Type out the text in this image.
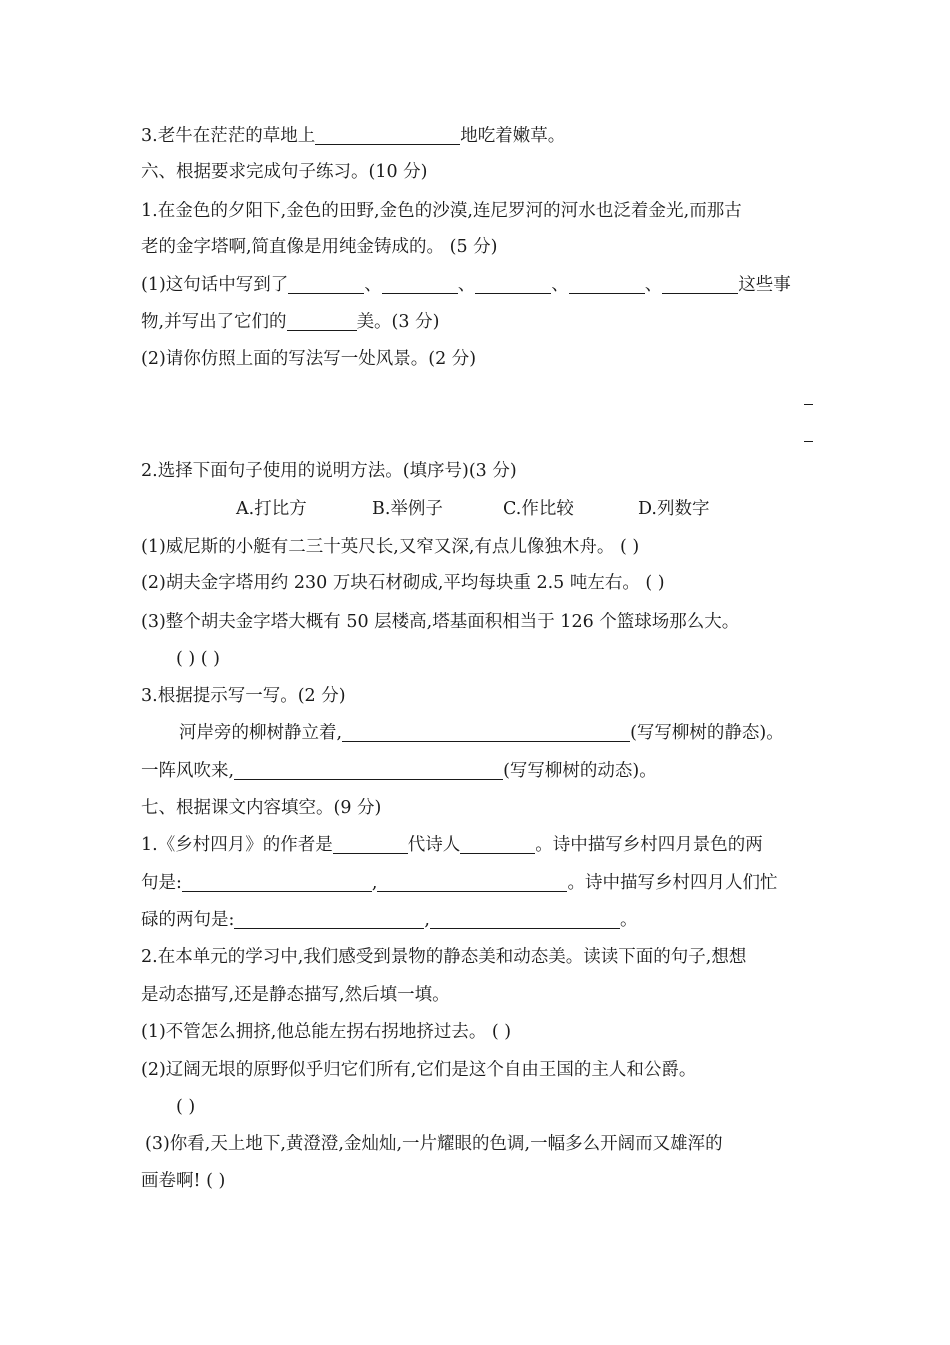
3.老牛在茫茫的草地上	地吃着嫩草。
六、根据要求完成句子练习。(10 分)
1.在金色的夕阳下,金色的田野,金色的沙漠,连尼罗河的河水也泛着金光,而那古
老的金字塔啊,简直像是用纯金铸成的。 (5 分)
(1)这句话中写到了	、	、	、	、	这些事
物,并写出了它们的	美。(3 分)
(2)请你仿照上面的写法写一处风景。(2 分)
2.选择下面句子使用的说明方法。(填序号)(3 分)
A.打比方	B.举例子	C.作比较	D.列数字
(1)威尼斯的小艇有二三十英尺长,又窄又深,有点儿像独木舟。 ( )
(2)胡夫金字塔用约 230 万块石材砌成,平均每块重 2.5 吨左右。 ( )
(3)整个胡夫金字塔大概有 50 层楼高,塔基面积相当于 126 个篮球场那么大。
( ) ( )
3.根据提示写一写。(2 分)
河岸旁的柳树静立着,	(写写柳树的静态)。
一阵风吹来,	(写写柳树的动态)。
七、根据课文内容填空。(9 分)
1.《乡村四月》的作者是	代诗人	。诗中描写乡村四月景色的两
句是:	,	。诗中描写乡村四月人们忙
碌的两句是:	,	。
2.在本单元的学习中,我们感受到景物的静态美和动态美。读读下面的句子,想想
是动态描写,还是静态描写,然后填一填。
(1)不管怎么拥挤,他总能左拐右拐地挤过去。 ( )
(2)辽阔无垠的原野似乎归它们所有,它们是这个自由王国的主人和公爵。
( )
(3)你看,天上地下,黄澄澄,金灿灿,一片耀眼的色调,一幅多么开阔而又雄浑的
画卷啊! ( )
